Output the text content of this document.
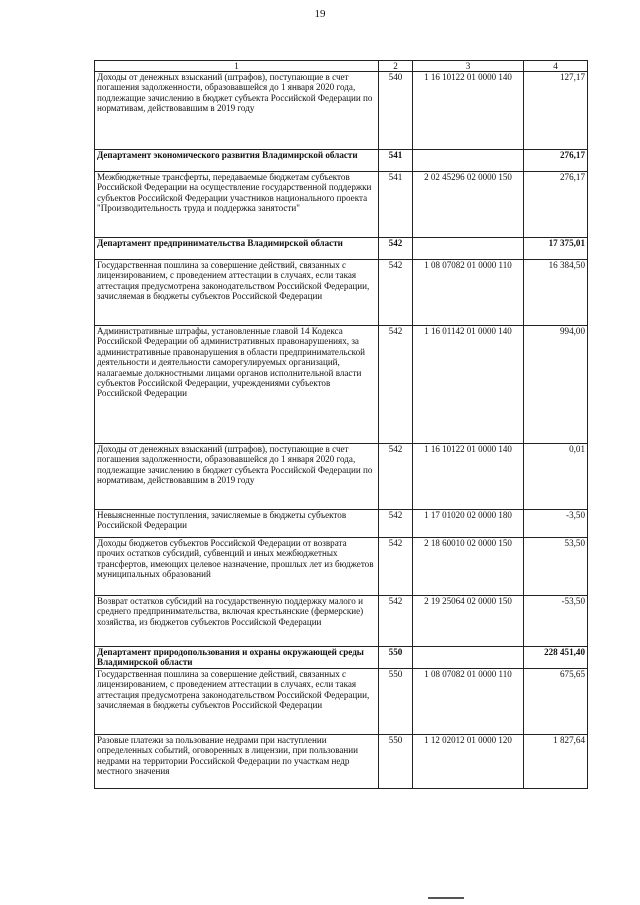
19
1	2	3	4
Доходы от денежных взысканий (штрафов), поступающие в счет погашения задолженности, образовавшейся до 1 января 2020 года, подлежащие зачислению в бюджет субъекта Российской Федерации по нормативам, действовавшим в 2019 году	540	1 16 10122 01 0000 140	127,17
Департамент экономического развития Владимирской области	541		276,17
Межбюджетные трансферты, передаваемые бюджетам субъектов Российской Федерации на осуществление государственной поддержки субъектов Российской Федерации участников национального проекта "Производительность труда и поддержка занятости"	541	2 02 45296 02 0000 150	276,17
Департамент предпринимательства Владимирской области	542		17 375,01
Государственная пошлина за совершение действий, связанных с лицензированием, с проведением аттестации в случаях, если такая аттестация предусмотрена законодательством Российской Федерации, зачисляемая в бюджеты субъектов Российской Федерации	542	1 08 07082 01 0000 110	16 384,50
Административные штрафы, установленные главой 14 Кодекса Российской Федерации об административных правонарушениях, за административные правонарушения в области предпринимательской деятельности и деятельности саморегулируемых организаций, налагаемые должностными лицами органов исполнительной власти субъектов Российской Федерации, учреждениями субъектов Российской Федерации	542	1 16 01142 01 0000 140	994,00
Доходы от денежных взысканий (штрафов), поступающие в счет погашения задолженности, образовавшейся до 1 января 2020 года, подлежащие зачислению в бюджет субъекта Российской Федерации по нормативам, действовавшим в 2019 году	542	1 16 10122 01 0000 140	0,01
Невыясненные поступления, зачисляемые в бюджеты субъектов Российской Федерации	542	1 17 01020 02 0000 180	-3,50
Доходы бюджетов субъектов Российской Федерации от возврата прочих остатков субсидий, субвенций и иных межбюджетных трансфертов, имеющих целевое назначение, прошлых лет из бюджетов муниципальных образований	542	2 18 60010 02 0000 150	53,50
Возврат остатков субсидий на государственную поддержку малого и среднего предпринимательства, включая крестьянские (фермерские) хозяйства, из бюджетов субъектов Российской Федерации	542	2 19 25064 02 0000 150	-53,50
Департамент природопользования и охраны окружающей среды Владимирской области	550		228 451,40
Государственная пошлина за совершение действий, связанных с лицензированием, с проведением аттестации в случаях, если такая аттестация предусмотрена законодательством Российской Федерации, зачисляемая в бюджеты субъектов Российской Федерации	550	1 08 07082 01 0000 110	675,65
Разовые платежи за пользование недрами при наступлении определенных событий, оговоренных в лицензии, при пользовании недрами на территории Российской Федерации по участкам недр местного значения	550	1 12 02012 01 0000 120	1 827,64
